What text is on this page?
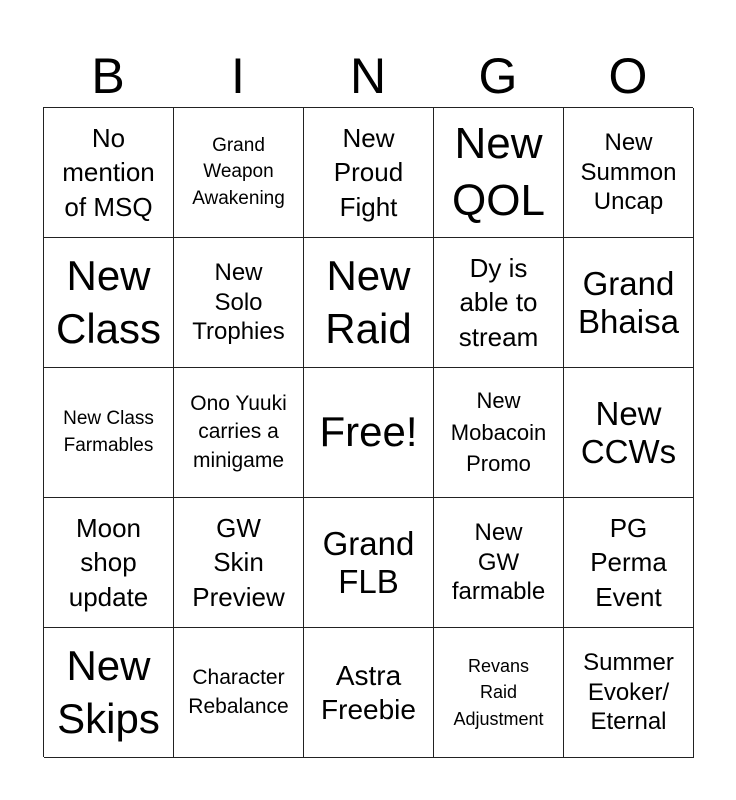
B	I	N	G	O
No
mention
of MSQ
Grand
Weapon
Awakening
New
Proud
Fight
New
QOL
New
Summon
Uncap
New
Class
New
Solo
Trophies
New
Raid
Dy is
able to
stream
Grand
Bhaisa
New Class
Farmables
Ono Yuuki
carries a
minigame
Free!
New
Mobacoin
Promo
New
CCWs
Moon
shop
update
GW
Skin
Preview
Grand
FLB
New
GW
farmable
PG
Perma
Event
New
Skips
Character
Rebalance
Astra
Freebie
Revans
Raid
Adjustment
Summer
Evoker/
Eternal
